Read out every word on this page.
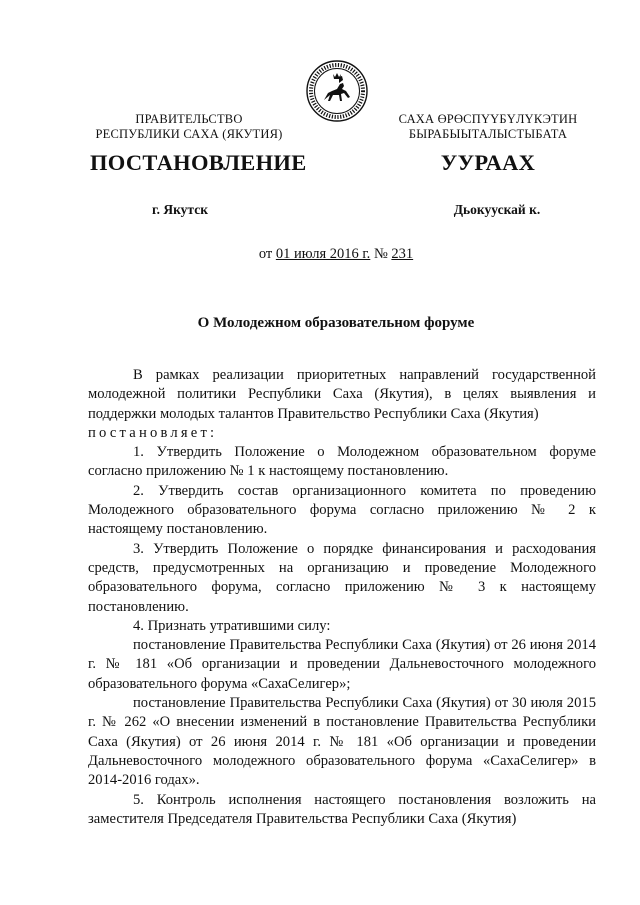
ПРАВИТЕЛЬСТВО
РЕСПУБЛИКИ САХА (ЯКУТИЯ)
САХА ӨРӨСПҮҮБҮЛҮКЭТИН
БЫРАБЫЫТАЛЫСТЫБАТА
ПОСТАНОВЛЕНИЕ	УУРААХ
г. Якутск	Дьокуускай к.
от 01 июля 2016 г. № 231
О Молодежном образовательном форуме

В рамках реализации приоритетных направлений государственной молодежной политики Республики Саха (Якутия), в целях выявления и поддержки молодых талантов Правительство Республики Саха (Якутия)
постановляет:

1. Утвердить Положение о Молодежном образовательном форуме согласно приложению № 1 к настоящему постановлению.

2. Утвердить состав организационного комитета по проведению Молодежного образовательного форума согласно приложению № 2 к настоящему постановлению.

3. Утвердить Положение о порядке финансирования и расходования средств, предусмотренных на организацию и проведение Молодежного образовательного форума, согласно приложению № 3 к настоящему постановлению.

4. Признать утратившими силу:

постановление Правительства Республики Саха (Якутия) от 26 июня 2014 г. № 181 «Об организации и проведении Дальневосточного молодежного образовательного форума «СахаСелигер»;

постановление Правительства Республики Саха (Якутия) от 30 июля 2015 г. № 262 «О внесении изменений в постановление Правительства Республики Саха (Якутия) от 26 июня 2014 г. № 181 «Об организации и проведении Дальневосточного молодежного образовательного форума «СахаСелигер» в 2014-2016 годах».

5. Контроль исполнения настоящего постановления возложить на заместителя Председателя Правительства Республики Саха (Якутия)
